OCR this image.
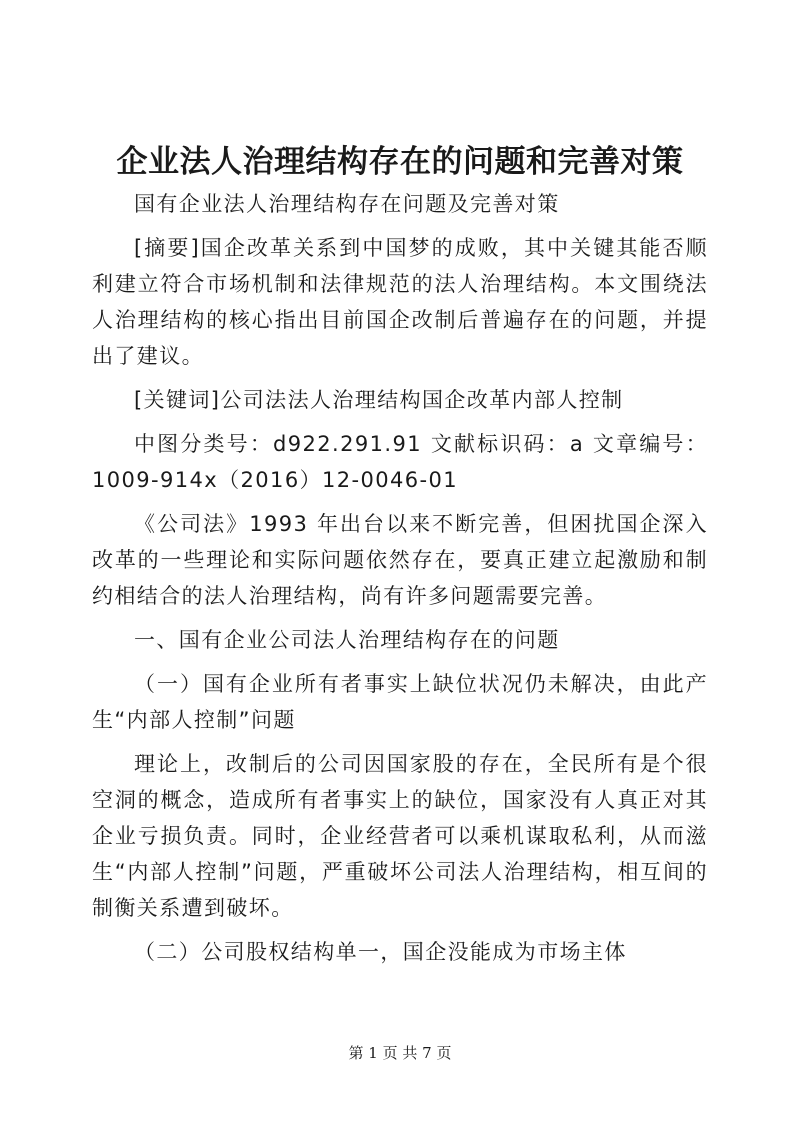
企业法人治理结构存在的问题和完善对策

国有企业法人治理结构存在问题及完善对策

[摘要]国企改革关系到中国梦的成败，其中关键其能否顺利建立符合市场机制和法律规范的法人治理结构。本文围绕法人治理结构的核心指出目前国企改制后普遍存在的问题，并提出了建议。

[关键词]公司法法人治理结构国企改革内部人控制

中图分类号：d922.291.91 文献标识码：a 文章编号：1009-914x（2016）12-0046-01

《公司法》1993 年出台以来不断完善，但困扰国企深入改革的一些理论和实际问题依然存在，要真正建立起激励和制约相结合的法人治理结构，尚有许多问题需要完善。

一、国有企业公司法人治理结构存在的问题

（一）国有企业所有者事实上缺位状况仍未解决，由此产生“内部人控制”问题

理论上，改制后的公司因国家股的存在，全民所有是个很空洞的概念，造成所有者事实上的缺位，国家没有人真正对其企业亏损负责。同时，企业经营者可以乘机谋取私利，从而滋生“内部人控制”问题，严重破坏公司法人治理结构，相互间的制衡关系遭到破坏。

（二）公司股权结构单一，国企没能成为市场主体

第 1 页 共 7 页
